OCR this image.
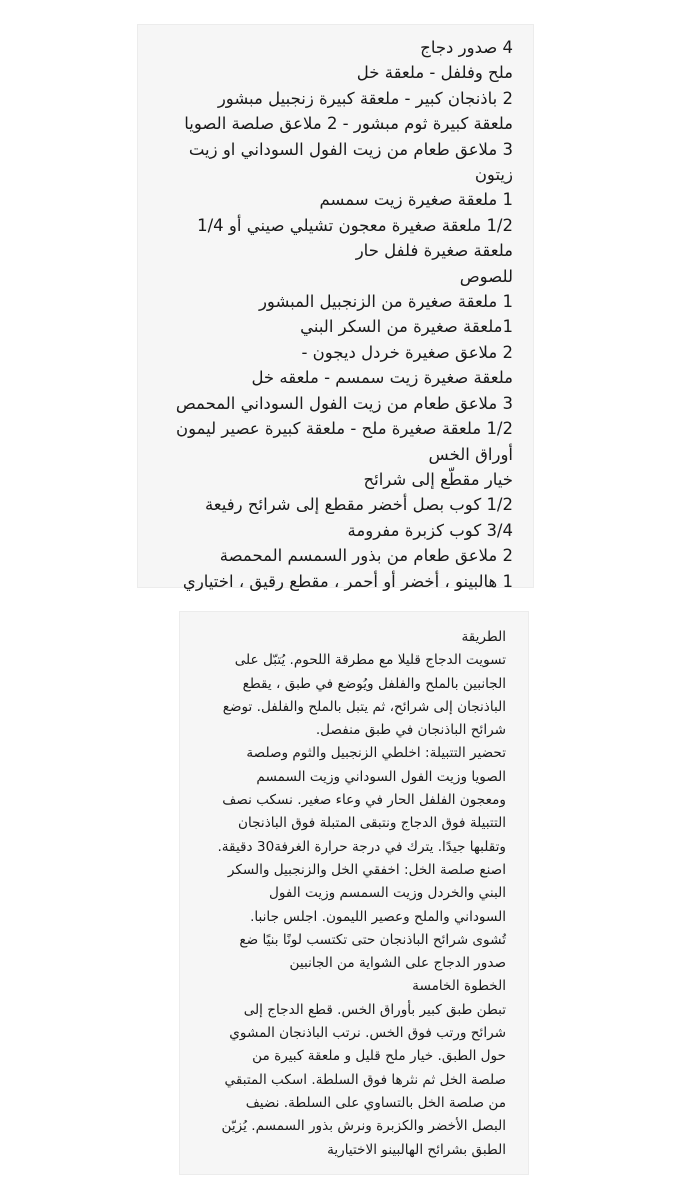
4 صدور دجاج
ملح وفلفل - ملعقة خل
2 باذنجان كبير - ملعقة كبيرة زنجبيل مبشور
ملعقة كبيرة ثوم مبشور - 2 ملاعق صلصة الصويا
3 ملاعق طعام من زيت الفول السوداني او زيت
زيتون
1 ملعقة صغيرة زيت سمسم
1/2 ملعقة صغيرة معجون تشيلي صيني أو 1/4
ملعقة صغيرة فلفل حار
للصوص
1 ملعقة صغيرة من الزنجبيل المبشور
1ملعقة صغيرة من السكر البني
2 ملاعق صغيرة خردل ديجون -
ملعقة صغيرة زيت سمسم - ملعقه خل
3 ملاعق طعام من زيت الفول السوداني المحمص
1/2 ملعقة صغيرة ملح - ملعقة كبيرة عصير ليمون
أوراق الخس
خيار مقطّع إلى شرائح
1/2 كوب بصل أخضر مقطع إلى شرائح رفيعة
3/4 كوب كزبرة مفرومة
2 ملاعق طعام من بذور السمسم المحمصة
1 هالبينو ، أخضر أو أحمر ، مقطع رقيق ، اختياري
الطريقة
تسويت الدجاج قليلا مع مطرقة اللحوم. يُتبّل على
الجانبين بالملح والفلفل ويُوضع في طبق ، يقطع
الباذنجان إلى شرائح، ثم يتبل بالملح والفلفل. توضع
شرائح الباذنجان في طبق منفصل.
تحضير التتبيلة: اخلطي الزنجبيل والثوم وصلصة
الصويا وزيت الفول السوداني وزيت السمسم
ومعجون الفلفل الحار في وعاء صغير. نسكب نصف
التتبيلة فوق الدجاج ونتبقى المتبلة فوق الباذنجان
وتقلبها جيدًا. يترك في درجة حرارة الغرفة30 دقيقة.
اصنع صلصة الخل: اخفقي الخل والزنجبيل والسكر
البني والخردل وزيت السمسم وزيت الفول
السوداني والملح وعصير الليمون. اجلس جانبا.
تُشوى شرائح الباذنجان حتى تكتسب لونًا بنيًا ضع
صدور الدجاج على الشواية من الجانبين
الخطوة الخامسة
تبطن طبق كبير بأوراق الخس. قطع الدجاج إلى
شرائح ورتب فوق الخس. نرتب الباذنجان المشوي
حول الطبق. خيار ملح قليل و ملعقة كبيرة من
صلصة الخل ثم نثرها فوق السلطة. اسكب المتبقي
من صلصة الخل بالتساوي على السلطة. نضيف
البصل الأخضر والكزبرة ونرش بذور السمسم. يُزيّن
الطبق بشرائح الهالبينو الاختيارية
